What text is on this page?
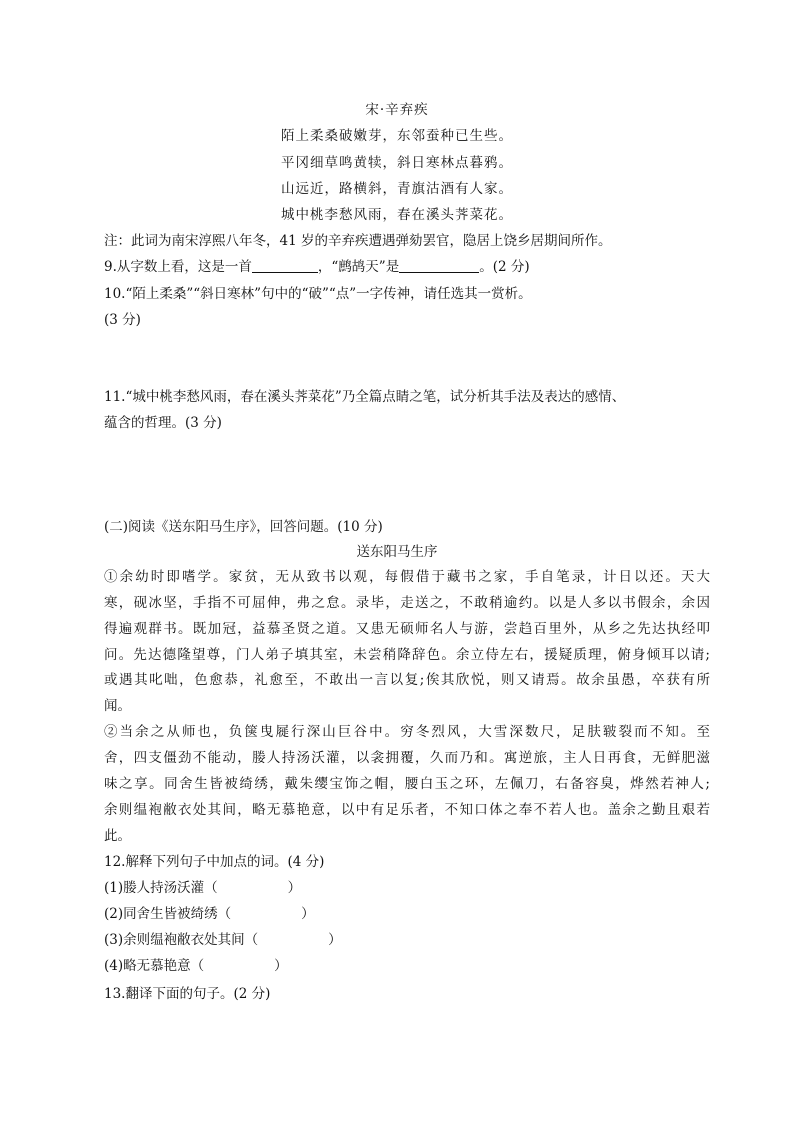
宋·辛弃疾
陌上柔桑破嫩芽，东邻蚕种已生些。
平冈细草鸣黄犊，斜日寒林点暮鸦。
山远近，路横斜，青旗沽酒有人家。
城中桃李愁风雨，春在溪头荠菜花。
注：此词为南宋淳熙八年冬，41 岁的辛弃疾遭遇弹劾罢官，隐居上饶乡居期间所作。
9.从字数上看，这是一首	，“鹧鸪天”是	。(2 分)
10.“陌上柔桑”“斜日寒林”句中的“破”“点”一字传神，请任选其一赏析。
(3 分)
11.“城中桃李愁风雨，春在溪头荠菜花”乃全篇点睛之笔，试分析其手法及表达的感情、
蕴含的哲理。(3 分)
(二)阅读《送东阳马生序》，回答问题。(10 分)
送东阳马生序
①余幼时即嗜学。家贫，无从致书以观，每假借于藏书之家，手自笔录，计日以还。天大
寒，砚冰坚，手指不可屈伸，弗之怠。录毕，走送之，不敢稍逾约。以是人多以书假余，余因
得遍观群书。既加冠，益慕圣贤之道。又患无硕师名人与游，尝趋百里外，从乡之先达执经叩
问。先达德隆望尊，门人弟子填其室，未尝稍降辞色。余立侍左右，援疑质理，俯身倾耳以请;
或遇其叱咄，色愈恭，礼愈至，不敢出一言以复;俟其欣悦，则又请焉。故余虽愚，卒获有所
闻。
②当余之从师也，负箧曳屣行深山巨谷中。穷冬烈风，大雪深数尺，足肤皲裂而不知。至
舍，四支僵劲不能动，媵人持汤沃灌，以衾拥覆，久而乃和。寓逆旅，主人日再食，无鲜肥滋
味之享。同舍生皆被绮绣，戴朱缨宝饰之帽，腰白玉之环，左佩刀，右备容臭，烨然若神人;
余则缊袍敝衣处其间，略无慕艳意，以中有足乐者，不知口体之奉不若人也。盖余之勤且艰若
此。
12.解释下列句子中加点的词。(4 分)
(1)媵人持汤沃灌（	）
(2)同舍生皆被绮绣（	）
(3)余则缊袍敝衣处其间（	）
(4)略无慕艳意（	）
13.翻译下面的句子。(2 分)
